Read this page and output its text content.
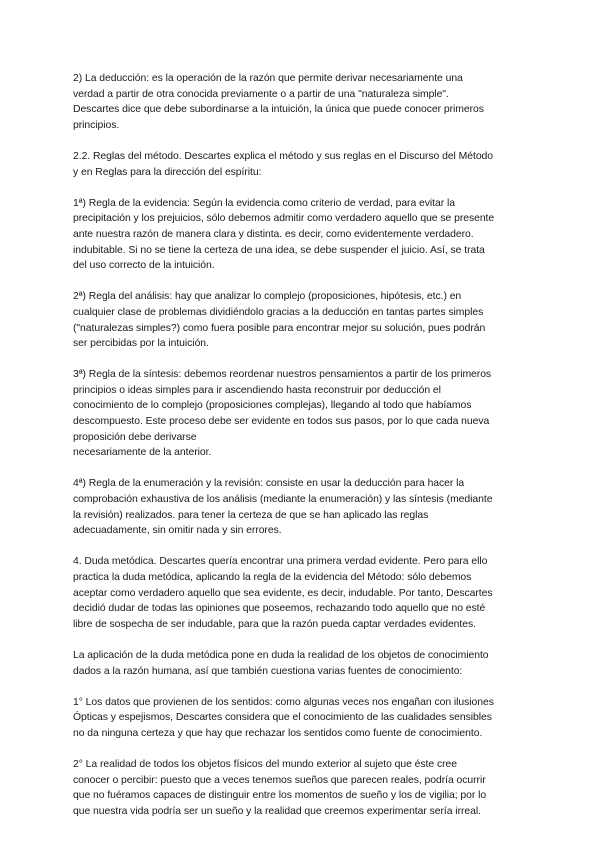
2) La deducción: es la operación de la razón que permite derivar necesariamente una
verdad a partir de otra conocida previamente o a partir de una "naturaleza simple".
Descartes dice que debe subordinarse a la intuición, la única que puede conocer primeros
principios.

2.2. Reglas del método. Descartes explica el método y sus reglas en el Discurso del Método
y en Reglas para la dirección del espíritu:

1ª) Regla de la evidencia: Según la evidencia como criterio de verdad, para evitar la
precipitación y los prejuicios, sólo debemos admitir como verdadero aquello que se presente
ante nuestra razón de manera clara y distinta. es decir, como evidentemente verdadero.
indubitable. Si no se tiene la certeza de una idea, se debe suspender el juicio. Así, se trata
del uso correcto de la intuición.

2ª) Regla del análisis: hay que analizar lo complejo (proposiciones, hipótesis, etc.) en
cualquier clase de problemas dividiéndolo gracias a la deducción en tantas partes simples
("naturalezas simples?) como fuera posible para encontrar mejor su solución, pues podrán
ser percibidas por la intuición.

3ª) Regla de la síntesis: debemos reordenar nuestros pensamientos a partir de los primeros
principios o ideas simples para ir ascendiendo hasta reconstruir por deducción el
conocimiento de lo complejo (proposiciones complejas), llegando al todo que habíamos
descompuesto. Este proceso debe ser evidente en todos sus pasos, por lo que cada nueva
proposición debe derivarse
necesariamente de la anterior.

4ª) Regla de la enumeración y la revisión: consiste en usar la deducción para hacer la
comprobación exhaustiva de los análisis (mediante la enumeración) y las síntesis (mediante
la revisión) realizados. para tener la certeza de que se han aplicado las reglas
adecuadamente, sin omitir nada y sin errores.

4. Duda metódica. Descartes quería encontrar una primera verdad evidente. Pero para ello
practica la duda metódica, aplicando la regla de la evidencia del Método: sólo debemos
aceptar como verdadero aquello que sea evidente, es decir, indudable. Por tanto, Descartes
decidió dudar de todas las opiniones que poseemos, rechazando todo aquello que no esté
libre de sospecha de ser indudable, para que la razón pueda captar verdades evidentes.

La aplicación de la duda metódica pone en duda la realidad de los objetos de conocimiento
dados a la razón humana, así que también cuestiona varias fuentes de conocimiento:

1° Los datos que provienen de los sentidos: como algunas veces nos engañan con ilusiones
Ópticas y espejismos, Descartes considera que el conocimiento de las cualidades sensibles
no da ninguna certeza y que hay que rechazar los sentidos como fuente de conocimiento.

2° La realidad de todos los objetos físicos del mundo exterior al sujeto que éste cree
conocer o percibir: puesto que a veces tenemos sueños que parecen reales, podría ocurrir
que no fuéramos capaces de distinguir entre los momentos de sueño y los de vigilia; por lo
que nuestra vida podría ser un sueño y la realidad que creemos experimentar sería irreal.
